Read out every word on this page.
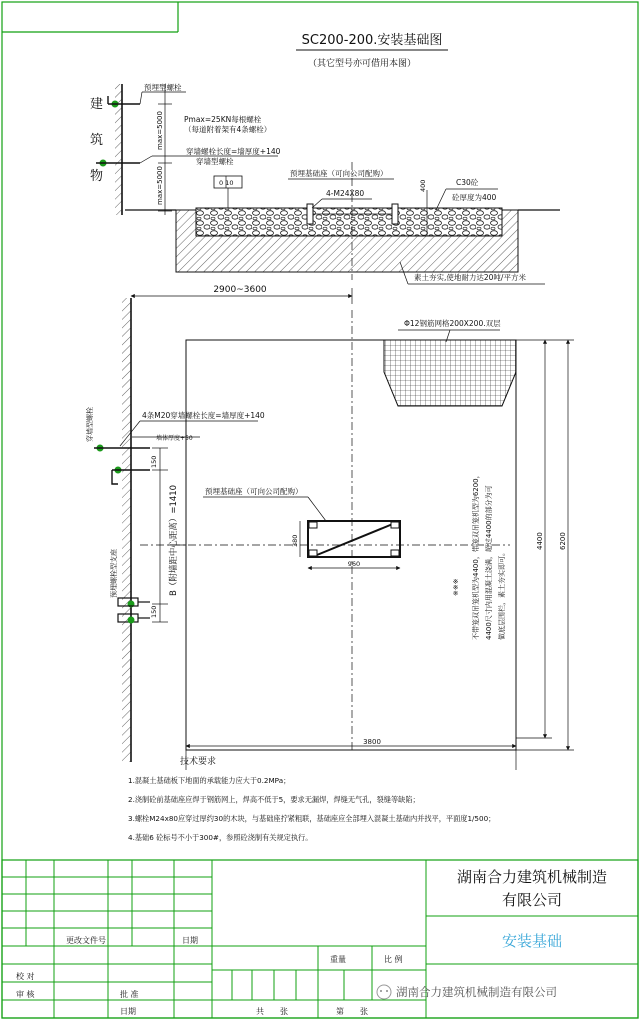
SC200-200.安装基础图
（其它型号亦可借用本图）
建
筑
物
max=5000
max=5000
预埋型螺栓
Pmax=25KN每根螺栓
（每道附着架有4条螺栓）
穿墙螺栓长度=墙厚度+140
穿墙型螺栓
0 10
预埋基础座（可向公司配购）
4-M24X80
400	C30砼
砼厚度为400
素土夯实,使地耐力达20吨/平方米
2900~3600
Φ12钢筋网格200X200.双层
预埋基础座（可向公司配购）
380
960
4条M20穿墙螺栓长度=墙厚度+140
墙体厚度+50
穿墙型螺栓
预埋螺栓型支座
150
B（附墙距中心距离）=1410
150
※※※ 不带笼双吊笼机型为4400，带笼双吊笼机型为6200， 4400尺寸内用混凝土浇满，超过4400的部分为可 做底层围栏，素土夯实即可。
4400 6200
3800
技术要求
1.混凝土基础板下地面的承载能力应大于0.2MPa；
2.浇制砼前基础座应焊于钢筋网上，焊高不低于5，要求无漏焊，焊缝无气孔，裂缝等缺陷；
3.螺栓M24x80应穿过厚约30的木块，与基础座拧紧粗联，基础座应全部埋入混凝土基础内并找平，平面度1/500；
4.基础6 砼标号不小于300#，参照砼浇制有关规定执行。
更改文件号	日期
校 对
审 核	批 准
日期
重量	比 例
共　　张	第　　张
湖南合力建筑机械制造
有限公司
安装基础
湖南合力建筑机械制造有限公司
